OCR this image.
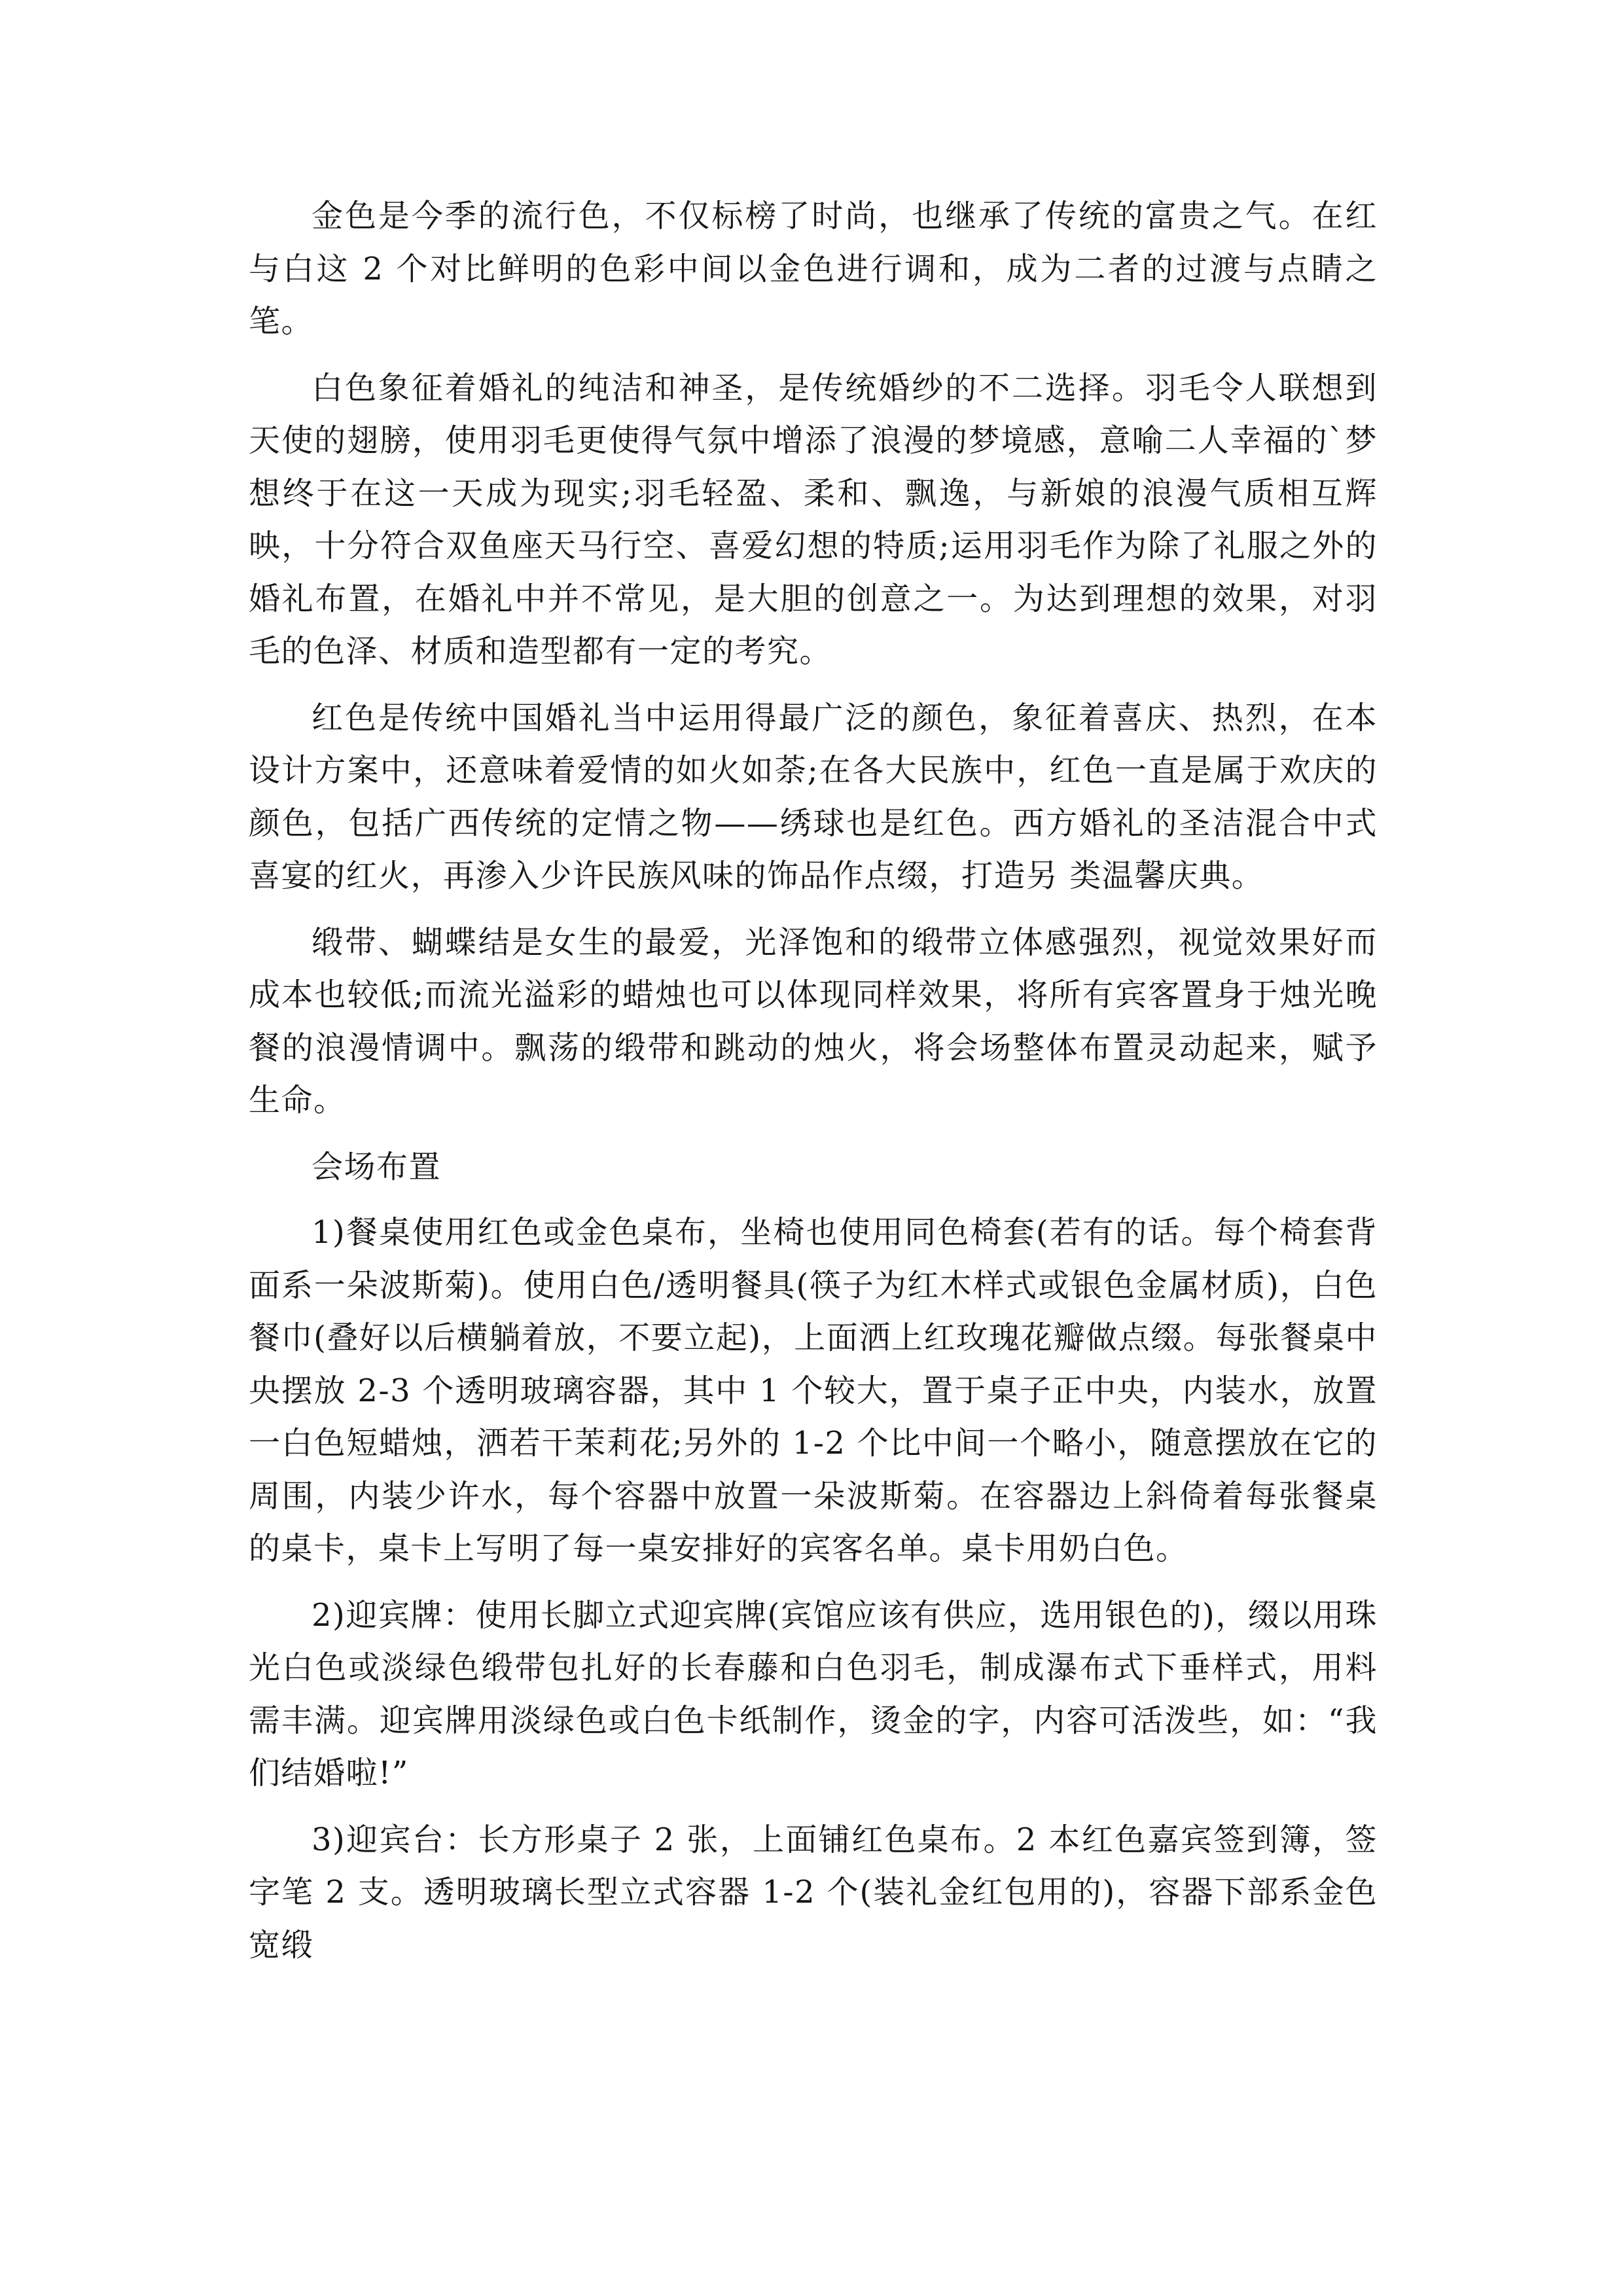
金色是今季的流行色，不仅标榜了时尚，也继承了传统的富贵之气。在红与白这 2 个对比鲜明的色彩中间以金色进行调和，成为二者的过渡与点睛之笔。

白色象征着婚礼的纯洁和神圣，是传统婚纱的不二选择。羽毛令人联想到天使的翅膀，使用羽毛更使得气氛中增添了浪漫的梦境感，意喻二人幸福的`梦想终于在这一天成为现实;羽毛轻盈、柔和、飘逸，与新娘的浪漫气质相互辉映，十分符合双鱼座天马行空、喜爱幻想的特质;运用羽毛作为除了礼服之外的婚礼布置，在婚礼中并不常见，是大胆的创意之一。为达到理想的效果，对羽毛的色泽、材质和造型都有一定的考究。

红色是传统中国婚礼当中运用得最广泛的颜色，象征着喜庆、热烈，在本设计方案中，还意味着爱情的如火如荼;在各大民族中，红色一直是属于欢庆的颜色，包括广西传统的定情之物——绣球也是红色。西方婚礼的圣洁混合中式喜宴的红火，再渗入少许民族风味的饰品作点缀，打造另 类温馨庆典。

缎带、蝴蝶结是女生的最爱，光泽饱和的缎带立体感强烈，视觉效果好而成本也较低;而流光溢彩的蜡烛也可以体现同样效果，将所有宾客置身于烛光晚餐的浪漫情调中。飘荡的缎带和跳动的烛火，将会场整体布置灵动起来，赋予生命。

会场布置

1)餐桌使用红色或金色桌布，坐椅也使用同色椅套(若有的话。每个椅套背面系一朵波斯菊)。使用白色/透明餐具(筷子为红木样式或银色金属材质)，白色餐巾(叠好以后横躺着放，不要立起)，上面洒上红玫瑰花瓣做点缀。每张餐桌中央摆放 2-3 个透明玻璃容器，其中 1 个较大，置于桌子正中央，内装水，放置一白色短蜡烛，洒若干茉莉花;另外的 1-2 个比中间一个略小，随意摆放在它的周围，内装少许水，每个容器中放置一朵波斯菊。在容器边上斜倚着每张餐桌的桌卡，桌卡上写明了每一桌安排好的宾客名单。桌卡用奶白色。

2)迎宾牌：使用长脚立式迎宾牌(宾馆应该有供应，选用银色的)，缀以用珠光白色或淡绿色缎带包扎好的长春藤和白色羽毛，制成瀑布式下垂样式，用料需丰满。迎宾牌用淡绿色或白色卡纸制作，烫金的字，内容可活泼些，如：“我们结婚啦!”

3)迎宾台：长方形桌子 2 张，上面铺红色桌布。2 本红色嘉宾签到簿，签字笔 2 支。透明玻璃长型立式容器 1-2 个(装礼金红包用的)，容器下部系金色宽缎
